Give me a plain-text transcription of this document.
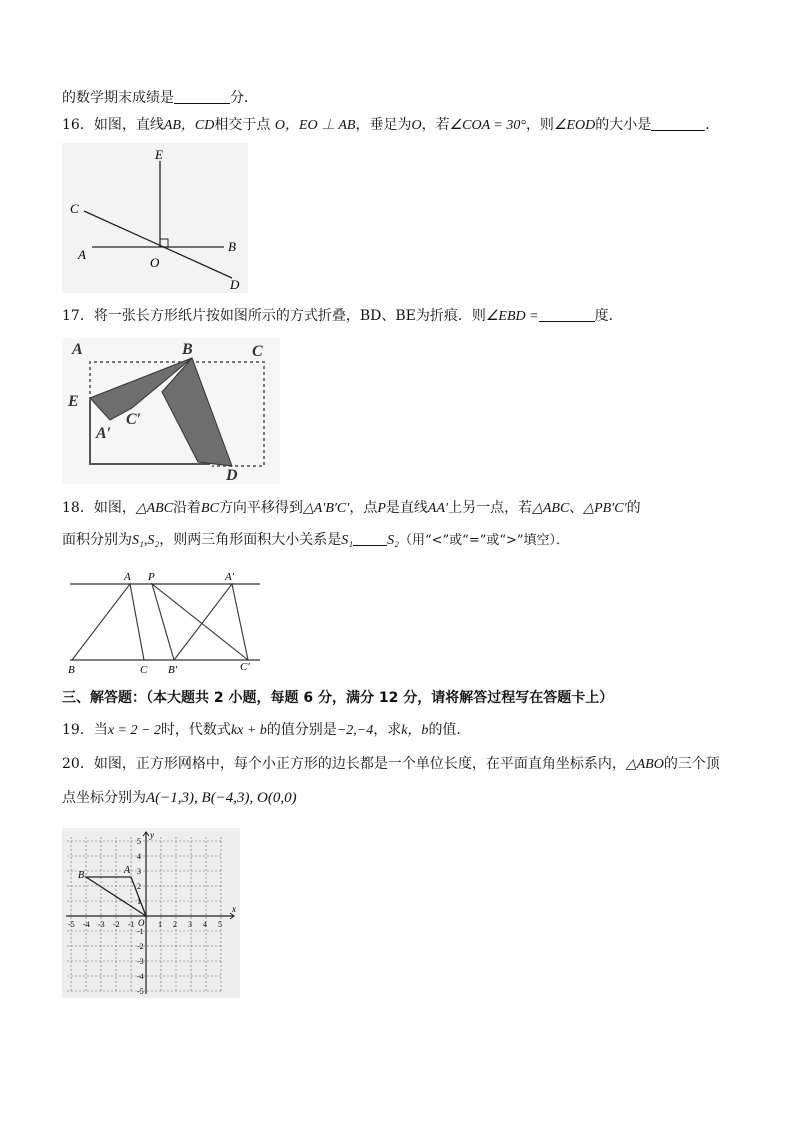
的数学期末成绩是	分．
16．如图，直线AB，CD相交于点 O，EO ⊥ AB，垂足为O，若∠COA = 30°，则∠EOD的大小是	．
E
C
A
O
B
D
17．将一张长方形纸片按如图所示的方式折叠，BD、BE为折痕．则∠EBD =	度．
A	B	C
E
A′
C′
D
18．如图，△ABC沿着BC方向平移得到△A′B′C′，点P是直线AA′上另一点，若△ABC、△PB′C′的
面积分别为S₁,S₂，则两三角形面积大小关系是S₁ S₂（用“<”或“=”或“>”填空）．
A P	A′
B	C B′	C′
三、解答题：（本大题共 2 小题，每题 6 分，满分 12 分，请将解答过程写在答题卡上）
19．当x = 2 − 2时，代数式kx + b的值分别是−2,−4，求k，b的值．
20．如图，正方形网格中，每个小正方形的边长都是一个单位长度，在平面直角坐标系内，△ABO的三个顶
点坐标分别为A(−1,3), B(−4,3), O(0,0)
B	A
O
x
y
-5 -4 -3 -2 -1	1 2 3 4 5
5
4
3
2
1
-1
-2
-3
-4
-5
